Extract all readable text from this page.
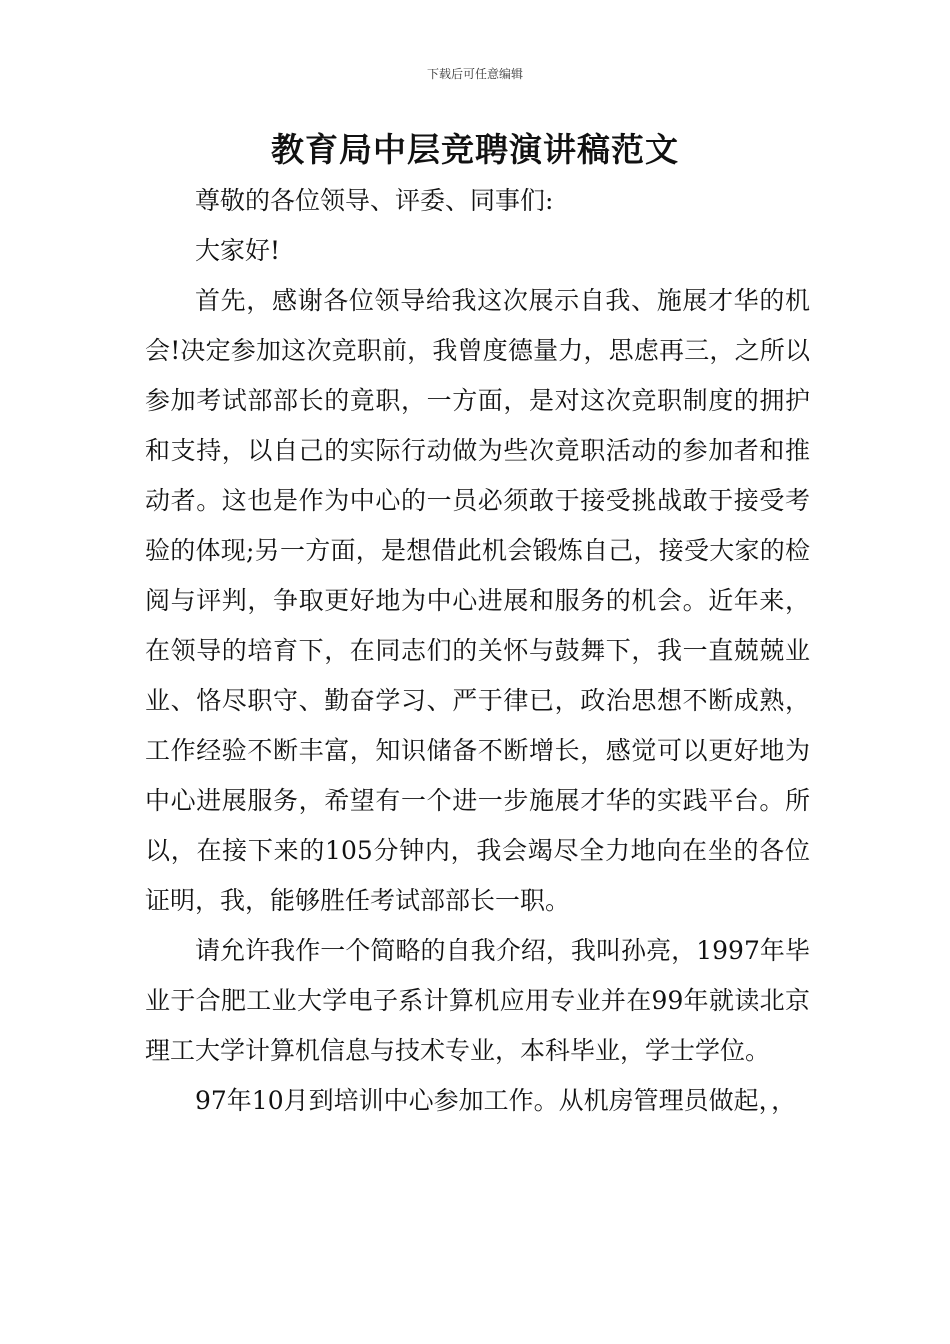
下载后可任意编辑
教育局中层竞聘演讲稿范文

尊敬的各位领导、评委、同事们:

大家好!

首先，感谢各位领导给我这次展示自我、施展才华的机会!决定参加这次竞职前，我曾度德量力，思虑再三，之所以参加考试部部长的竟职，一方面，是对这次竞职制度的拥护和支持，以自己的实际行动做为些次竟职活动的参加者和推动者。这也是作为中心的一员必须敢于接受挑战敢于接受考验的体现;另一方面，是想借此机会锻炼自己，接受大家的检阅与评判，争取更好地为中心进展和服务的机会。近年来，在领导的培育下，在同志们的关怀与鼓舞下，我一直兢兢业业、恪尽职守、勤奋学习、严于律已，政治思想不断成熟，工作经验不断丰富，知识储备不断增长，感觉可以更好地为中心进展服务，希望有一个进一步施展才华的实践平台。所以，在接下来的105分钟内，我会竭尽全力地向在坐的各位证明，我，能够胜任考试部部长一职。

请允许我作一个简略的自我介绍，我叫孙亮，1997年毕业于合肥工业大学电子系计算机应用专业并在99年就读北京理工大学计算机信息与技术专业，本科毕业，学士学位。

97年10月到培训中心参加工作。从机房管理员做起，，
